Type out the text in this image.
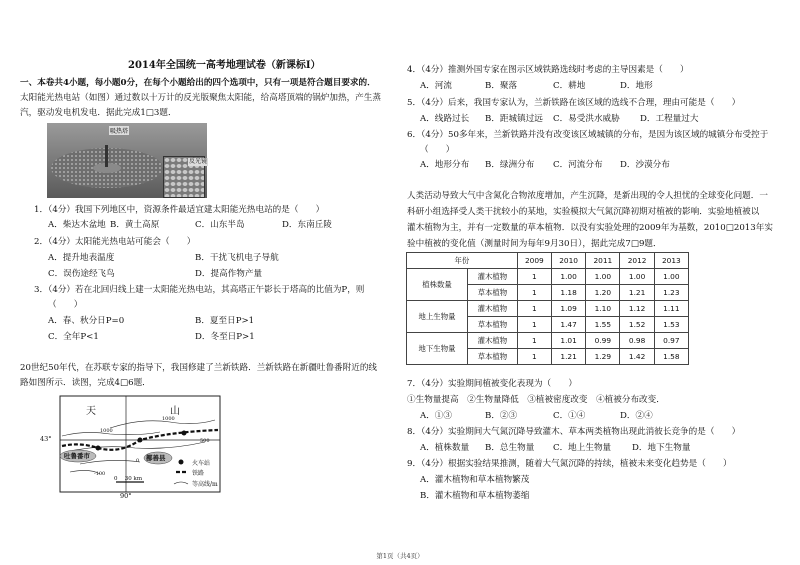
2014年全国统一高考地理试卷（新课标Ⅰ）
一、本卷共4小题，每小题0分，在每个小题给出的四个选项中，只有一项是符合题目要求的．
太阳能光热电站（如图）通过数以十万计的反光版聚焦太阳能，给高塔顶端的锅炉加热，产生蒸
汽，驱动发电机发电．据此完成1□3题．
吸热塔
反光镜
1．（4分）我国下列地区中，资源条件最适宜建太阳能光热电站的是（　　）
A．柴达木盆地 B．黄土高原	C．山东半岛	D．东南丘陵
2．（4分）太阳能光热电站可能会（　　）
A．提升地表温度	B．干扰飞机电子导航
C．误伤途经飞鸟	D．提高作物产量
3．（4分）若在北回归线上建一太阳能光热电站，其高塔正午影长于塔高的比值为P，则
（　　）
A．春、秋分日P=0	B．夏至日P>1
C．全年P<1	D．冬至日P>1
20世纪50年代，在苏联专家的指导下，我国修建了兰新铁路．兰新铁路在新疆吐鲁番附近的线
路如图所示．读图，完成4□6题．
天	山
43°
90°
吐鲁番市	鄯善县
1000
1000
500
0
-100
0　 30 km
火车站
铁路
等高线/m
4．（4分）推测外国专家在图示区域铁路选线时考虑的主导因素是（　　）
A．河流	B．聚落	C．耕地	D．地形
5．（4分）后来，我国专家认为，兰新铁路在该区域的选线不合理，理由可能是（　　）
A．线路过长 B．距城镇过远 C．易受洪水威胁 D．工程量过大
6．（4分）50多年来，兰新铁路并没有改变该区域城镇的分布，是因为该区域的城镇分布受控于
（　　）
A．地形分布 B．绿洲分布 C．河流分布 D．沙漠分布
人类活动导致大气中含氮化合物浓度增加，产生沉降，是新出现的令人担忧的全球变化问题．一
科研小组选择受人类干扰较小的某地，实验模拟大气氮沉降初期对植被的影响．实验地植被以
灌木植物为主，并有一定数量的草本植物．以没有实验处理的2009年为基数，2010□2013年实
验中植被的变化值（测量时间为每年9月30日），据此完成7□9题．
年份		2009	2010	2011	2012	2013
植株数量	灌木植物	1	1.00	1.00	1.00	1.00
	草本植物	1	1.18	1.20	1.21	1.23
地上生物量	灌木植物	1	1.09	1.10	1.12	1.11
	草本植物	1	1.47	1.55	1.52	1.53
地下生物量	灌木植物	1	1.01	0.99	0.98	0.97
	草本植物	1	1.21	1.29	1.42	1.58
7．（4分）实验期间植被变化表现为（　　）
①生物量提高　②生物量降低　③植被密度改变　④植被分布改变．
A．①③	B．②③	C．①④	D．②④
8．（4分）实验期间大气氮沉降导致灌木、草本两类植物出现此消彼长竞争的是（　　）
A．植株数量 B．总生物量 C．地上生物量 D．地下生物量
9．（4分）根据实验结果推测，随着大气氮沉降的持续，植被未来变化趋势是（　　）
A．灌木植物和草本植物繁茂
B．灌木植物和草本植物萎缩
第1页（共4页）
